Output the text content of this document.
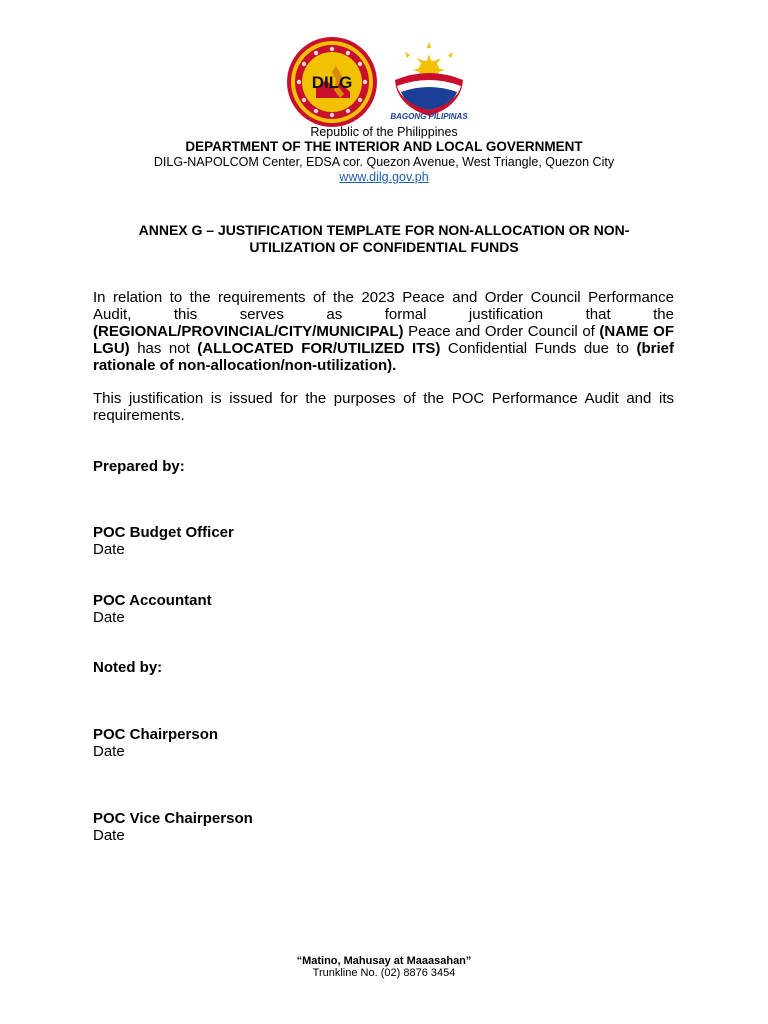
DILG
BAGONG PILIPINAS
Republic of the Philippines
DEPARTMENT OF THE INTERIOR AND LOCAL GOVERNMENT
DILG-NAPOLCOM Center, EDSA cor. Quezon Avenue, West Triangle, Quezon City
www.dilg.gov.ph
ANNEX G – JUSTIFICATION TEMPLATE FOR NON-ALLOCATION OR NON-
UTILIZATION OF CONFIDENTIAL FUNDS
In relation to the requirements of the 2023 Peace and Order Council Performance Audit, this serves as formal justification that the (REGIONAL/PROVINCIAL/CITY/MUNICIPAL) Peace and Order Council of (NAME OF LGU) has not (ALLOCATED FOR/UTILIZED ITS) Confidential Funds due to (brief rationale of non-allocation/non-utilization).
This justification is issued for the purposes of the POC Performance Audit and its requirements.
Prepared by:
POC Budget Officer
Date
POC Accountant
Date
Noted by:
POC Chairperson
Date
POC Vice Chairperson
Date
“Matino, Mahusay at Maaasahan”
Trunkline No. (02) 8876 3454
